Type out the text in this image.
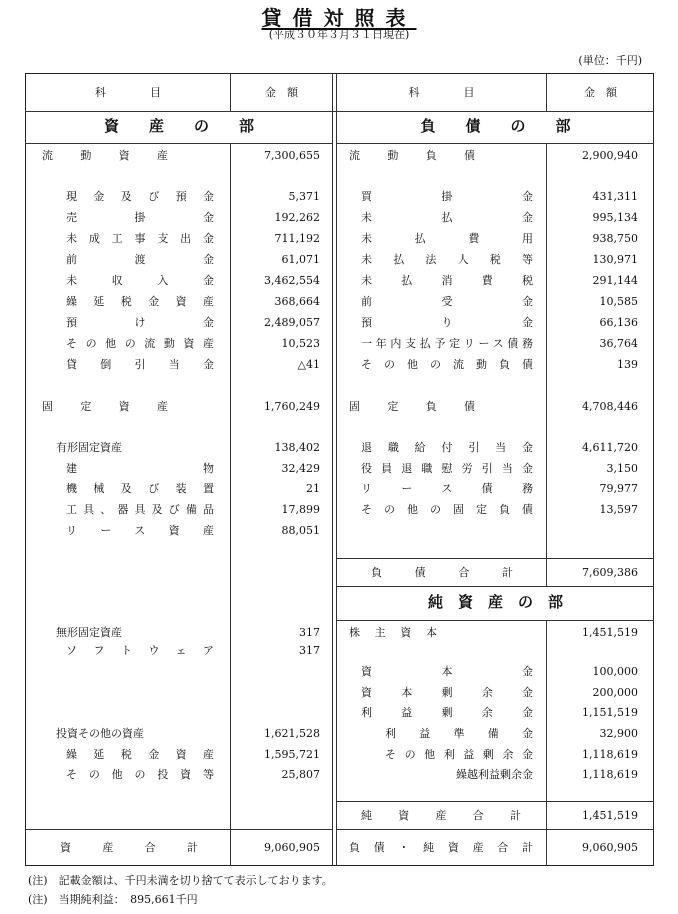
貸借対照表
(平成３０年３月３１日現在)
(単位：千円)
科　　　　目	金　額	科　　　　目	金　額
資　　産　　の　　部	負　　債　　の　　部
純　資　産　の　部
流動資産	7,300,655
現金及び預金	5,371
売掛金	192,262
未成工事支出金	711,192
前渡金	61,071
未収入金	3,462,554
繰延税金資産	368,664
預け金	2,489,057
その他の流動資産	10,523
貸倒引当金	△41
固定資産	1,760,249
有形固定資産	138,402
建物	32,429
機械及び装置	21
工具、器具及び備品	17,899
リース資産	88,051
無形固定資産	317
ソフトウェア	317
投資その他の資産	1,621,528
繰延税金資産	1,595,721
その他の投資等	25,807
資産合計	9,060,905
流動負債	2,900,940
買掛金	431,311
未払金	995,134
未払費用	938,750
未払法人税等	130,971
未払消費税	291,144
前受金	10,585
預り金	66,136
一年内支払予定リース債務	36,764
その他の流動負債	139
固定負債	4,708,446
退職給付引当金	4,611,720
役員退職慰労引当金	3,150
リース債務	79,977
その他の固定負債	13,597
負債合計	7,609,386
株主資本	1,451,519
資本金	100,000
資本剰余金	200,000
利益剰余金	1,151,519
利益準備金	32,900
その他利益剰余金	1,118,619
繰越利益剰余金	1,118,619
純資産合計	1,451,519
負債・純資産合計	9,060,905
(注)　記載金額は、千円未満を切り捨てて表示しております。
(注)　当期純利益：　895,661千円
